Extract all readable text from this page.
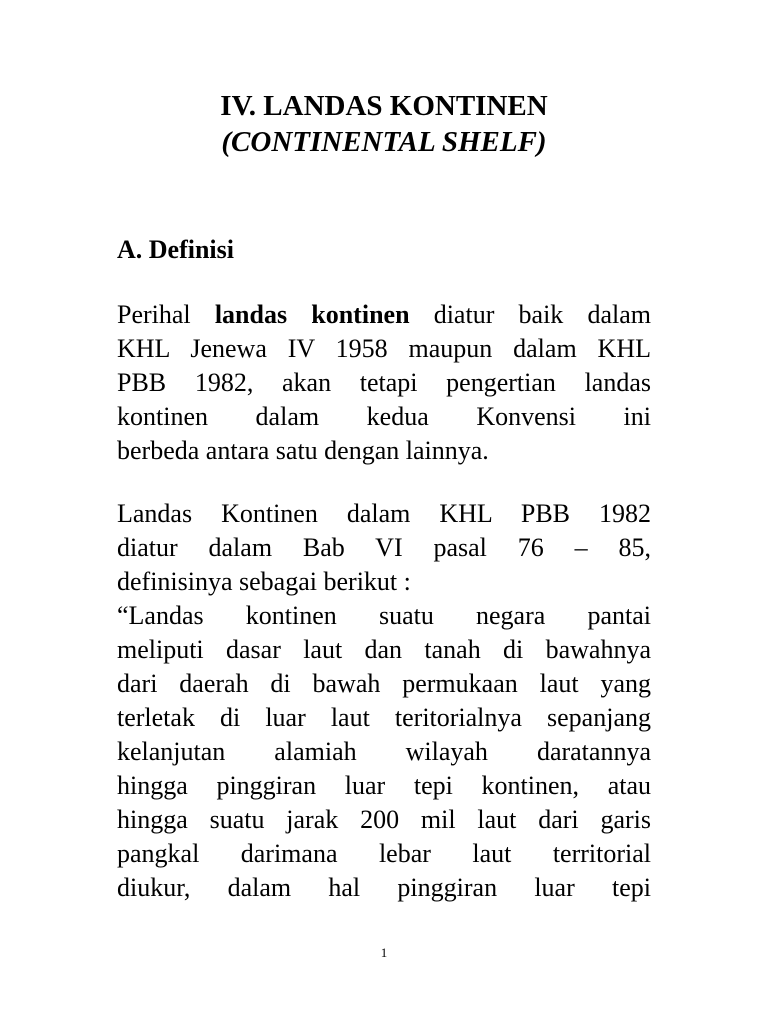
IV. LANDAS KONTINEN
(CONTINENTAL SHELF)
A. Definisi
Perihal landas kontinen diatur baik dalam
KHL Jenewa IV 1958 maupun dalam KHL
PBB 1982, akan tetapi pengertian landas
kontinen dalam kedua Konvensi ini
berbeda antara satu dengan lainnya.
Landas Kontinen dalam KHL PBB 1982
diatur dalam Bab VI pasal 76 – 85,
definisinya sebagai berikut :
“Landas kontinen suatu negara pantai
meliputi dasar laut dan tanah di bawahnya
dari daerah di bawah permukaan laut yang
terletak di luar laut teritorialnya sepanjang
kelanjutan alamiah wilayah daratannya
hingga pinggiran luar tepi kontinen, atau
hingga suatu jarak 200 mil laut dari garis
pangkal darimana lebar laut territorial
diukur, dalam hal pinggiran luar tepi
1
